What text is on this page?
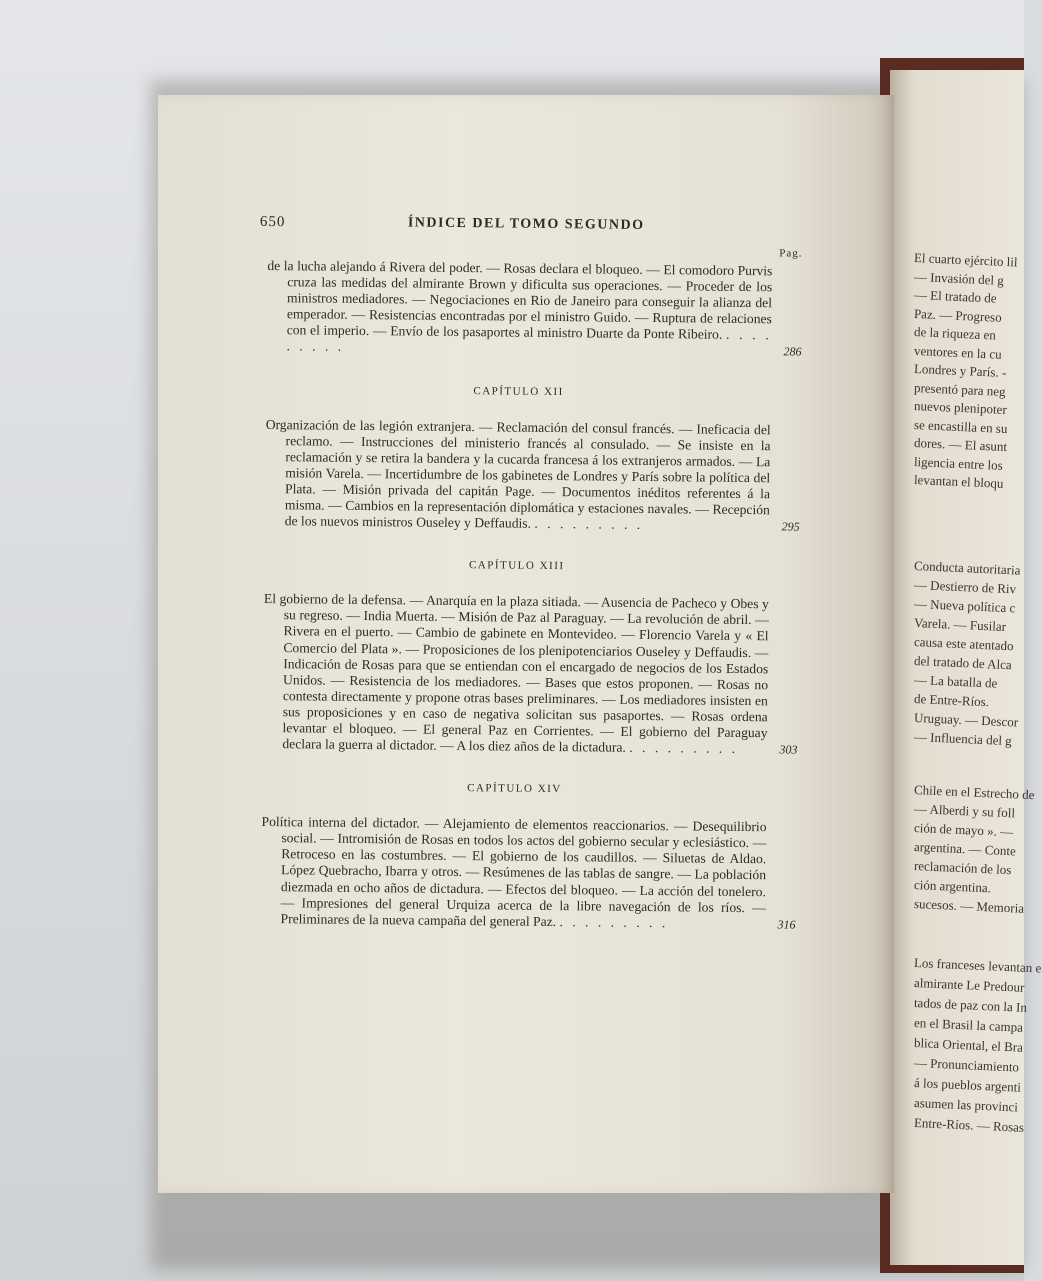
El cuarto ejército lil
— Invasión del g
— El tratado de
Paz. — Progreso
de la riqueza en
ventores en la cu
Londres y París. -
presentó para neg
nuevos plenipoter
se encastilla en su
dores. — El asunt
ligencia entre los
levantan el bloqu
Conducta autoritaria
— Destierro de Riv
— Nueva política c
Varela. — Fusilar
causa este atentado
del tratado de Alca
— La batalla de
de Entre-Ríos.
Uruguay. — Descor
— Influencia del g
Chile en el Estrecho de
— Alberdi y su foll
ción de mayo ». —
argentina. — Conte
reclamación de los
ción argentina.
sucesos. — Memoria
Los franceses levantan e
almirante Le Predour
tados de paz con la In
en el Brasil la campa
blica Oriental, el Bra
— Pronunciamiento
á los pueblos argenti
asumen las provinci
Entre-Ríos. — Rosas
650	ÍNDICE DEL TOMO SEGUNDO
Pag.
de la lucha alejando á Rivera del poder. — Rosas declara el bloqueo. — El comodoro Purvis cruza las medidas del almirante Brown y dificulta sus operaciones. — Proceder de los ministros mediadores. — Negociaciones en Rio de Janeiro para conseguir la alianza del emperador. — Resistencias encontradas por el ministro Guido. — Ruptura de relaciones con el imperio. — Envío de los pasaportes al ministro Duarte da Ponte Ribeiro. . . . . . . . . .
CAPÍTULO XII
Organización de las legión extranjera. — Reclamación del consul francés. — Ineficacia del reclamo. — Instrucciones del ministerio francés al consulado. — Se insiste en la reclamación y se retira la bandera y la cucarda francesa á los extranjeros armados. — La misión Varela. — Incertidumbre de los gabinetes de Londres y París sobre la política del Plata. — Misión privada del capitán Page. — Documentos inéditos referentes á la misma. — Cambios en la representación diplomática y estaciones navales. — Recepción de los nuevos ministros Ouseley y Deffaudis. . . . . . . . . .
CAPÍTULO XIII
El gobierno de la defensa. — Anarquía en la plaza sitiada. — Ausencia de Pacheco y Obes y su regreso. — India Muerta. — Misión de Paz al Paraguay. — La revolución de abril. — Rivera en el puerto. — Cambio de gabinete en Montevideo. — Florencio Varela y « El Comercio del Plata ». — Proposiciones de los plenipotenciarios Ouseley y Deffaudis. — Indicación de Rosas para que se entiendan con el encargado de negocios de los Estados Unidos. — Resistencia de los mediadores. — Bases que estos proponen. — Rosas no contesta directamente y propone otras bases preliminares. — Los mediadores insisten en sus proposiciones y en caso de negativa solicitan sus pasaportes. — Rosas ordena levantar el bloqueo. — El general Paz en Corrientes. — El gobierno del Paraguay declara la guerra al dictador. — A los diez años de la dictadura. . . . . . . . . .
CAPÍTULO XIV
Política interna del dictador. — Alejamiento de elementos reaccionarios. — Desequilibrio social. — Intromisión de Rosas en todos los actos del gobierno secular y eclesiástico. — Retroceso en las costumbres. — El gobierno de los caudillos. — Siluetas de Aldao. López Quebracho, Ibarra y otros. — Resúmenes de las tablas de sangre. — La población diezmada en ocho años de dictadura. — Efectos del bloqueo. — La acción del tonelero. — Impresiones del general Urquiza acerca de la libre navegación de los ríos. — Preliminares de la nueva campaña del general Paz. . . . . . . . . .
